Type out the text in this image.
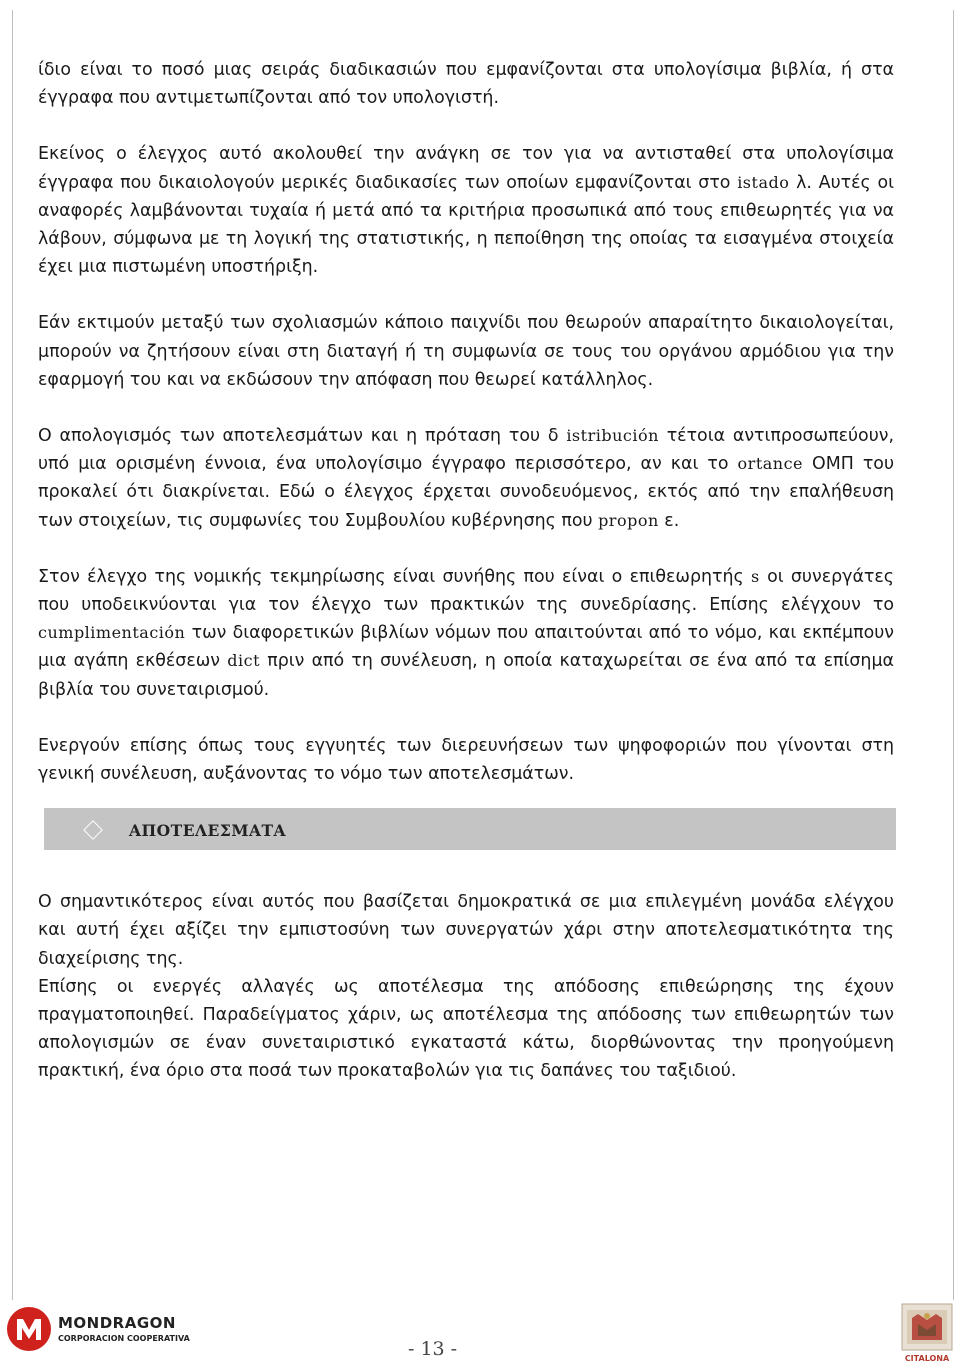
ίδιο είναι το ποσό μιας σειράς διαδικασιών που εμφανίζονται στα υπολογίσιμα βιβλία, ή στα έγγραφα που αντιμετωπίζονται από τον υπολογιστή.

Εκείνος ο έλεγχος αυτό ακολουθεί την ανάγκη σε τον για να αντισταθεί στα υπολογίσιμα έγγραφα που δικαιολογούν μερικές διαδικασίες των οποίων εμφανίζονται στο istado λ. Αυτές οι αναφορές λαμβάνονται τυχαία ή μετά από τα κριτήρια προσωπικά από τους επιθεωρητές για να λάβουν, σύμφωνα με τη λογική της στατιστικής, η πεποίθηση της οποίας τα εισαγμένα στοιχεία έχει μια πιστωμένη υποστήριξη.

Εάν εκτιμούν μεταξύ των σχολιασμών κάποιο παιχνίδι που θεωρούν απαραίτητο δικαιολογείται, μπορούν να ζητήσουν είναι στη διαταγή ή τη συμφωνία σε τους του οργάνου αρμόδιου για την εφαρμογή του και να εκδώσουν την απόφαση που θεωρεί κατάλληλος.

Ο απολογισμός των αποτελεσμάτων και η πρόταση του δ istribución τέτοια αντιπροσωπεύουν, υπό μια ορισμένη έννοια, ένα υπολογίσιμο έγγραφο περισσότερο, αν και το ortance ΟΜΠ του προκαλεί ότι διακρίνεται. Εδώ ο έλεγχος έρχεται συνοδευόμενος, εκτός από την επαλήθευση των στοιχείων, τις συμφωνίες του Συμβουλίου κυβέρνησης που propon ε.

Στον έλεγχο της νομικής τεκμηρίωσης είναι συνήθης που είναι ο επιθεωρητής s οι συνεργάτες που υποδεικνύονται για τον έλεγχο των πρακτικών της συνεδρίασης. Επίσης ελέγχουν το cumplimentación των διαφορετικών βιβλίων νόμων που απαιτούνται από το νόμο, και εκπέμπουν μια αγάπη εκθέσεων dict πριν από τη συνέλευση, η οποία καταχωρείται σε ένα από τα επίσημα βιβλία του συνεταιρισμού.

Ενεργούν επίσης όπως τους εγγυητές των διερευνήσεων των ψηφοφοριών που γίνονται στη γενική συνέλευση, αυξάνοντας το νόμο των αποτελεσμάτων.

ΑΠΟΤΕΛΕΣΜΑΤΑ

Ο σημαντικότερος είναι αυτός που βασίζεται δημοκρατικά σε μια επιλεγμένη μονάδα ελέγχου και αυτή έχει αξίζει την εμπιστοσύνη των συνεργατών χάρι στην αποτελεσματικότητα της διαχείρισης της.

Επίσης οι ενεργές αλλαγές ως αποτέλεσμα της απόδοσης επιθεώρησης της έχουν πραγματοποιηθεί. Παραδείγματος χάριν, ως αποτέλεσμα της απόδοσης των επιθεωρητών των απολογισμών σε έναν συνεταιριστικό εγκαταστά κάτω, διορθώνοντας την προηγούμενη πρακτική, ένα όριο στα ποσά των προκαταβολών για τις δαπάνες του ταξιδιού.

MONDRAGON
CORPORACION COOPERATIVA	- 13 -	CITALONA
